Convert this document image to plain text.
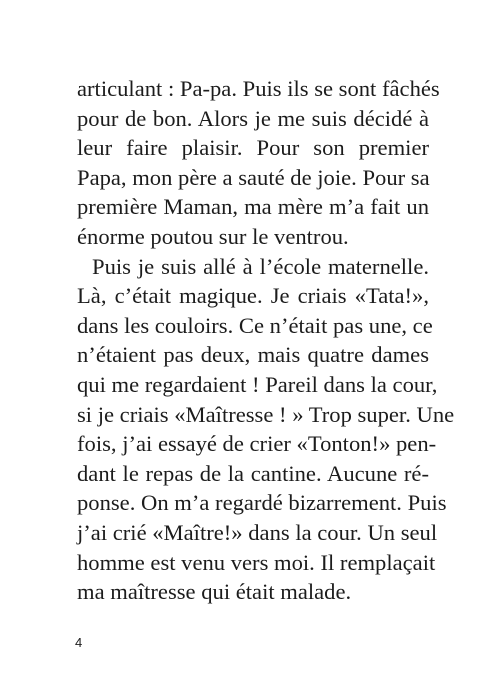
articulant : Pa-pa. Puis ils se sont fâchés
pour de bon. Alors je me suis décidé à
leur faire plaisir. Pour son premier
Papa, mon père a sauté de joie. Pour sa
première Maman, ma mère m’a fait un
énorme poutou sur le ventrou.
Puis je suis allé à l’école maternelle.
Là, c’était magique. Je criais «Tata!»,
dans les couloirs. Ce n’était pas une, ce
n’étaient pas deux, mais quatre dames
qui me regardaient ! Pareil dans la cour,
si je criais «Maîtresse ! » Trop super. Une
fois, j’ai essayé de crier «Tonton!» pen-
dant le repas de la cantine. Aucune ré-
ponse. On m’a regardé bizarrement. Puis
j’ai crié «Maître!» dans la cour. Un seul
homme est venu vers moi. Il remplaçait
ma maîtresse qui était malade.
4
